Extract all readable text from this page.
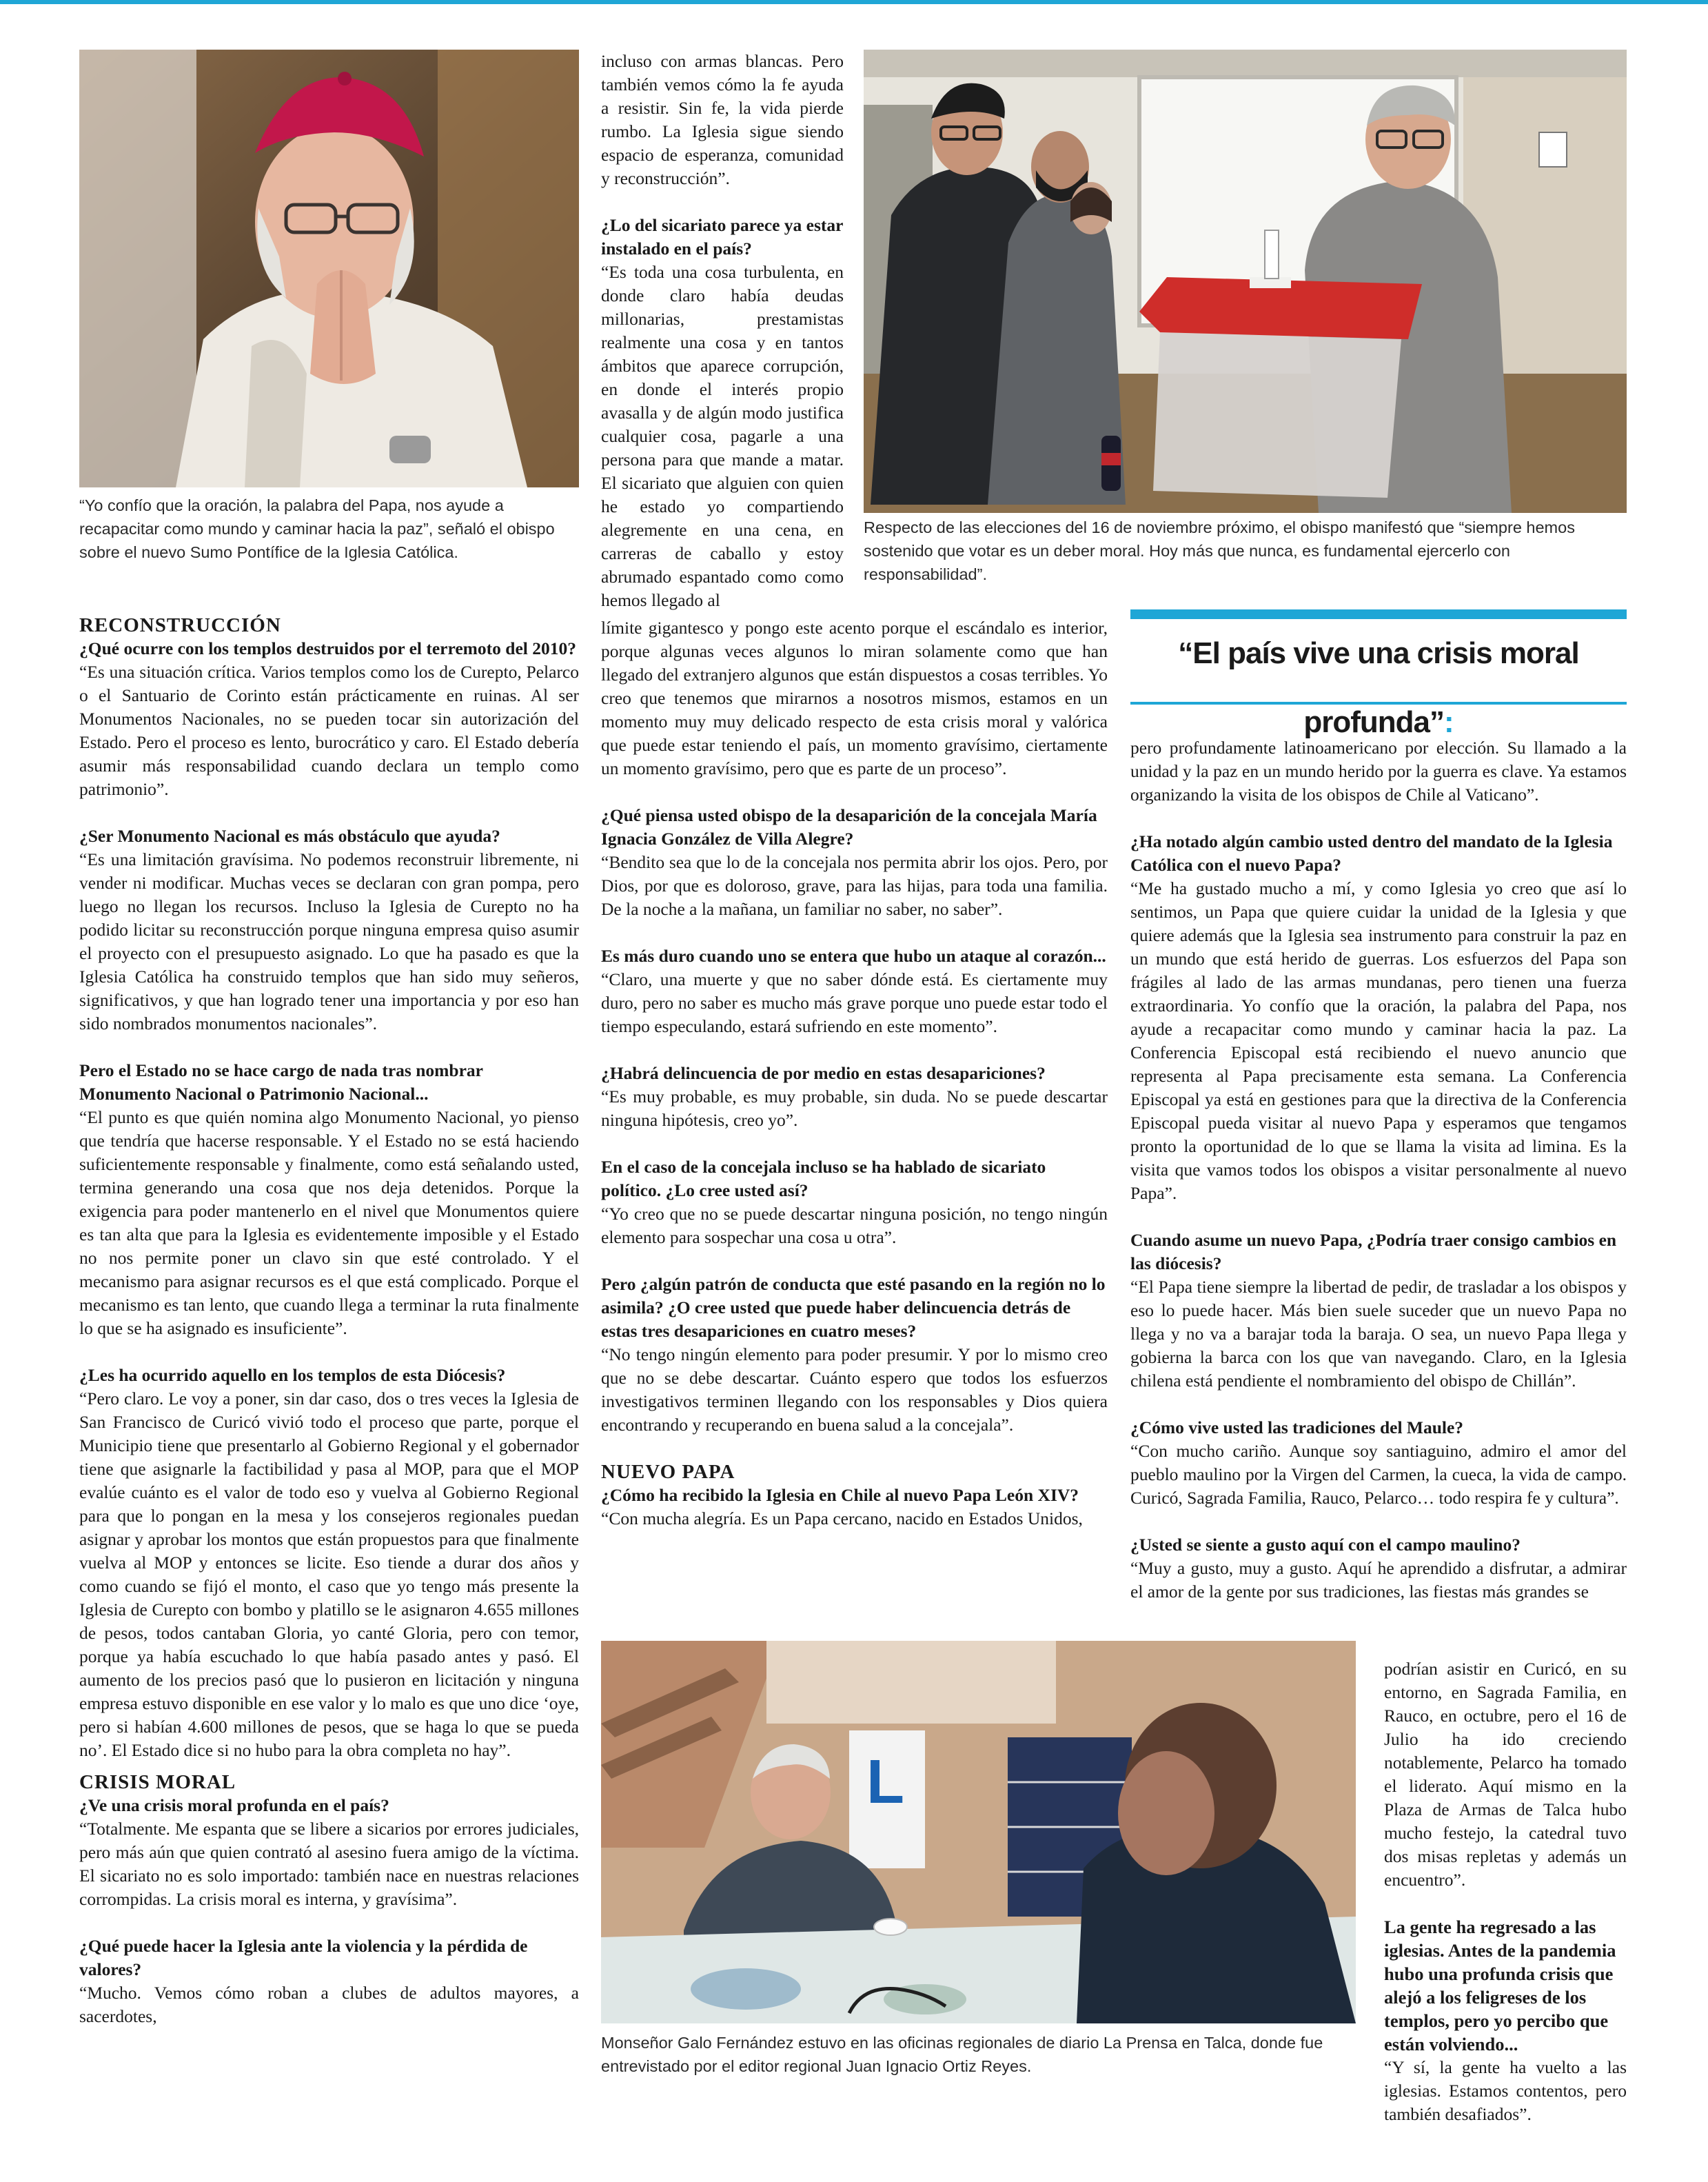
“Yo confío que la oración, la palabra del Papa, nos ayude a recapacitar como mundo y caminar hacia la paz”, señaló el obispo sobre el nuevo Sumo Pontífice de la Iglesia Católica.
Respecto de las elecciones del 16 de noviembre próximo, el obispo manifestó que “siempre hemos sostenido que votar es un deber moral. Hoy más que nunca, es fundamental ejercerlo con responsabilidad”.
“El país vive una crisis moral profunda”:

RECONSTRUCCIÓN

¿Qué ocurre con los templos destruidos por el terremoto del 2010?

“Es una situación crítica. Varios templos como los de Curepto, Pelarco o el Santuario de Corinto están prácticamente en ruinas. Al ser Monumentos Nacionales, no se pueden tocar sin autorización del Estado. Pero el proceso es lento, burocrático y caro. El Estado debería asumir más responsabilidad cuando declara un templo como patrimonio”.

¿Ser Monumento Nacional es más obstáculo que ayuda?

“Es una limitación gravísima. No podemos reconstruir libremente, ni vender ni modificar. Muchas veces se declaran con gran pompa, pero luego no llegan los recursos. Incluso la Iglesia de Curepto no ha podido licitar su reconstrucción porque ninguna empresa quiso asumir el proyecto con el presupuesto asignado. Lo que ha pasado es que la Iglesia Católica ha construido templos que han sido muy señeros, significativos, y que han logrado tener una importancia y por eso han sido nombrados monumentos nacionales”.

Pero el Estado no se hace cargo de nada tras nombrar Monumento Nacional o Patrimonio Nacional...

“El punto es que quién nomina algo Monumento Nacional, yo pienso que tendría que hacerse responsable. Y el Estado no se está haciendo suficientemente responsable y finalmente, como está señalando usted, termina generando una cosa que nos deja detenidos. Porque la exigencia para poder mantenerlo en el nivel que Monumentos quiere es tan alta que para la Iglesia es evidentemente imposible y el Estado no nos permite poner un clavo sin que esté controlado. Y el mecanismo para asignar recursos es el que está complicado. Porque el mecanismo es tan lento, que cuando llega a terminar la ruta finalmente lo que se ha asignado es insuficiente”.

¿Les ha ocurrido aquello en los templos de esta Diócesis?

“Pero claro. Le voy a poner, sin dar caso, dos o tres veces la Iglesia de San Francisco de Curicó vivió todo el proceso que parte, porque el Municipio tiene que presentarlo al Gobierno Regional y el gobernador tiene que asignarle la factibilidad y pasa al MOP, para que el MOP evalúe cuánto es el valor de todo eso y vuelva al Gobierno Regional para que lo pongan en la mesa y los consejeros regionales puedan asignar y aprobar los montos que están propuestos para que finalmente vuelva al MOP y entonces se licite. Eso tiende a durar dos años y como cuando se fijó el monto, el caso que yo tengo más presente la Iglesia de Curepto con bombo y platillo se le asignaron 4.655 millones de pesos, todos cantaban Gloria, yo canté Gloria, pero con temor, porque ya había escuchado lo que había pasado antes y pasó. El aumento de los precios pasó que lo pusieron en licitación y ninguna empresa estuvo disponible en ese valor y lo malo es que uno dice ‘oye, pero si habían 4.600 millones de pesos, que se haga lo que se pueda no’. El Estado dice si no hubo para la obra completa no hay”.

CRISIS MORAL

¿Ve una crisis moral profunda en el país?

“Totalmente. Me espanta que se libere a sicarios por errores judiciales, pero más aún que quien contrató al asesino fuera amigo de la víctima. El sicariato no es solo importado: también nace en nuestras relaciones corrompidas. La crisis moral es interna, y gravísima”.

¿Qué puede hacer la Iglesia ante la violencia y la pérdida de valores?

“Mucho. Vemos cómo roban a clubes de adultos mayores, a sacerdotes,

incluso con armas blancas. Pero también vemos cómo la fe ayuda a resistir. Sin fe, la vida pierde rumbo. La Iglesia sigue siendo espacio de esperanza, comunidad y reconstrucción”.

¿Lo del sicariato parece ya estar instalado en el país?

“Es toda una cosa turbulenta, en donde claro había deudas millonarias, prestamistas realmente una cosa y en tantos ámbitos que aparece corrupción, en donde el interés propio avasalla y de algún modo justifica cualquier cosa, pagarle a una persona para que mande a matar. El sicariato que alguien con quien he estado yo compartiendo alegremente en una cena, en carreras de caballo y estoy abrumado espantado como como hemos llegado al

límite gigantesco y pongo este acento porque el escándalo es interior, porque algunas veces algunos lo miran solamente como que han llegado del extranjero algunos que están dispuestos a cosas terribles. Yo creo que tenemos que mirarnos a nosotros mismos, estamos en un momento muy muy delicado respecto de esta crisis moral y valórica que puede estar teniendo el país, un momento gravísimo, ciertamente un momento gravísimo, pero que es parte de un proceso”.

¿Qué piensa usted obispo de la desaparición de la concejala María Ignacia González de Villa Alegre?

“Bendito sea que lo de la concejala nos permita abrir los ojos. Pero, por Dios, por que es doloroso, grave, para las hijas, para toda una familia. De la noche a la mañana, un familiar no saber, no saber”.

Es más duro cuando uno se entera que hubo un ataque al corazón...

“Claro, una muerte y que no saber dónde está. Es ciertamente muy duro, pero no saber es mucho más grave porque uno puede estar todo el tiempo especulando, estará sufriendo en este momento”.

¿Habrá delincuencia de por medio en estas desapariciones?

“Es muy probable, es muy probable, sin duda. No se puede descartar ninguna hipótesis, creo yo”.

En el caso de la concejala incluso se ha hablado de sicariato político. ¿Lo cree usted así?

“Yo creo que no se puede descartar ninguna posición, no tengo ningún elemento para sospechar una cosa u otra”.

Pero ¿algún patrón de conducta que esté pasando en la región no lo asimila? ¿O cree usted que puede haber delincuencia detrás de estas tres desapariciones en cuatro meses?

“No tengo ningún elemento para poder presumir. Y por lo mismo creo que no se debe descartar. Cuánto espero que todos los esfuerzos investigativos terminen llegando con los responsables y Dios quiera encontrando y recuperando en buena salud a la concejala”.

NUEVO PAPA

¿Cómo ha recibido la Iglesia en Chile al nuevo Papa León XIV?

“Con mucha alegría. Es un Papa cercano, nacido en Estados Unidos,

L
Monseñor Galo Fernández estuvo en las oficinas regionales de diario La Prensa en Talca, donde fue entrevistado por el editor regional Juan Ignacio Ortiz Reyes.

pero profundamente latinoamericano por elección. Su llamado a la unidad y la paz en un mundo herido por la guerra es clave. Ya estamos organizando la visita de los obispos de Chile al Vaticano”.

¿Ha notado algún cambio usted dentro del mandato de la Iglesia Católica con el nuevo Papa?

“Me ha gustado mucho a mí, y como Iglesia yo creo que así lo sentimos, un Papa que quiere cuidar la unidad de la Iglesia y que quiere además que la Iglesia sea instrumento para construir la paz en un mundo que está herido de guerras. Los esfuerzos del Papa son frágiles al lado de las armas mundanas, pero tienen una fuerza extraordinaria. Yo confío que la oración, la palabra del Papa, nos ayude a recapacitar como mundo y caminar hacia la paz. La Conferencia Episcopal está recibiendo el nuevo anuncio que representa al Papa precisamente esta semana. La Conferencia Episcopal ya está en gestiones para que la directiva de la Conferencia Episcopal pueda visitar al nuevo Papa y esperamos que tengamos pronto la oportunidad de lo que se llama la visita ad limina. Es la visita que vamos todos los obispos a visitar personalmente al nuevo Papa”.

Cuando asume un nuevo Papa, ¿Podría traer consigo cambios en las diócesis?

“El Papa tiene siempre la libertad de pedir, de trasladar a los obispos y eso lo puede hacer. Más bien suele suceder que un nuevo Papa no llega y no va a barajar toda la baraja. O sea, un nuevo Papa llega y gobierna la barca con los que van navegando. Claro, en la Iglesia chilena está pendiente el nombramiento del obispo de Chillán”.

¿Cómo vive usted las tradiciones del Maule?

“Con mucho cariño. Aunque soy santiaguino, admiro el amor del pueblo maulino por la Virgen del Carmen, la cueca, la vida de campo. Curicó, Sagrada Familia, Rauco, Pelarco… todo respira fe y cultura”.

¿Usted se siente a gusto aquí con el campo maulino?

“Muy a gusto, muy a gusto. Aquí he aprendido a disfrutar, a admirar el amor de la gente por sus tradiciones, las fiestas más grandes se

podrían asistir en Curicó, en su entorno, en Sagrada Familia, en Rauco, en octubre, pero el 16 de Julio ha ido creciendo notablemente, Pelarco ha tomado el liderato. Aquí mismo en la Plaza de Armas de Talca hubo mucho festejo, la catedral tuvo dos misas repletas y además un encuentro”.

La gente ha regresado a las iglesias. Antes de la pandemia hubo una profunda crisis que alejó a los feligreses de los templos, pero yo percibo que están volviendo...

“Y sí, la gente ha vuelto a las iglesias. Estamos contentos, pero también desafiados”.
